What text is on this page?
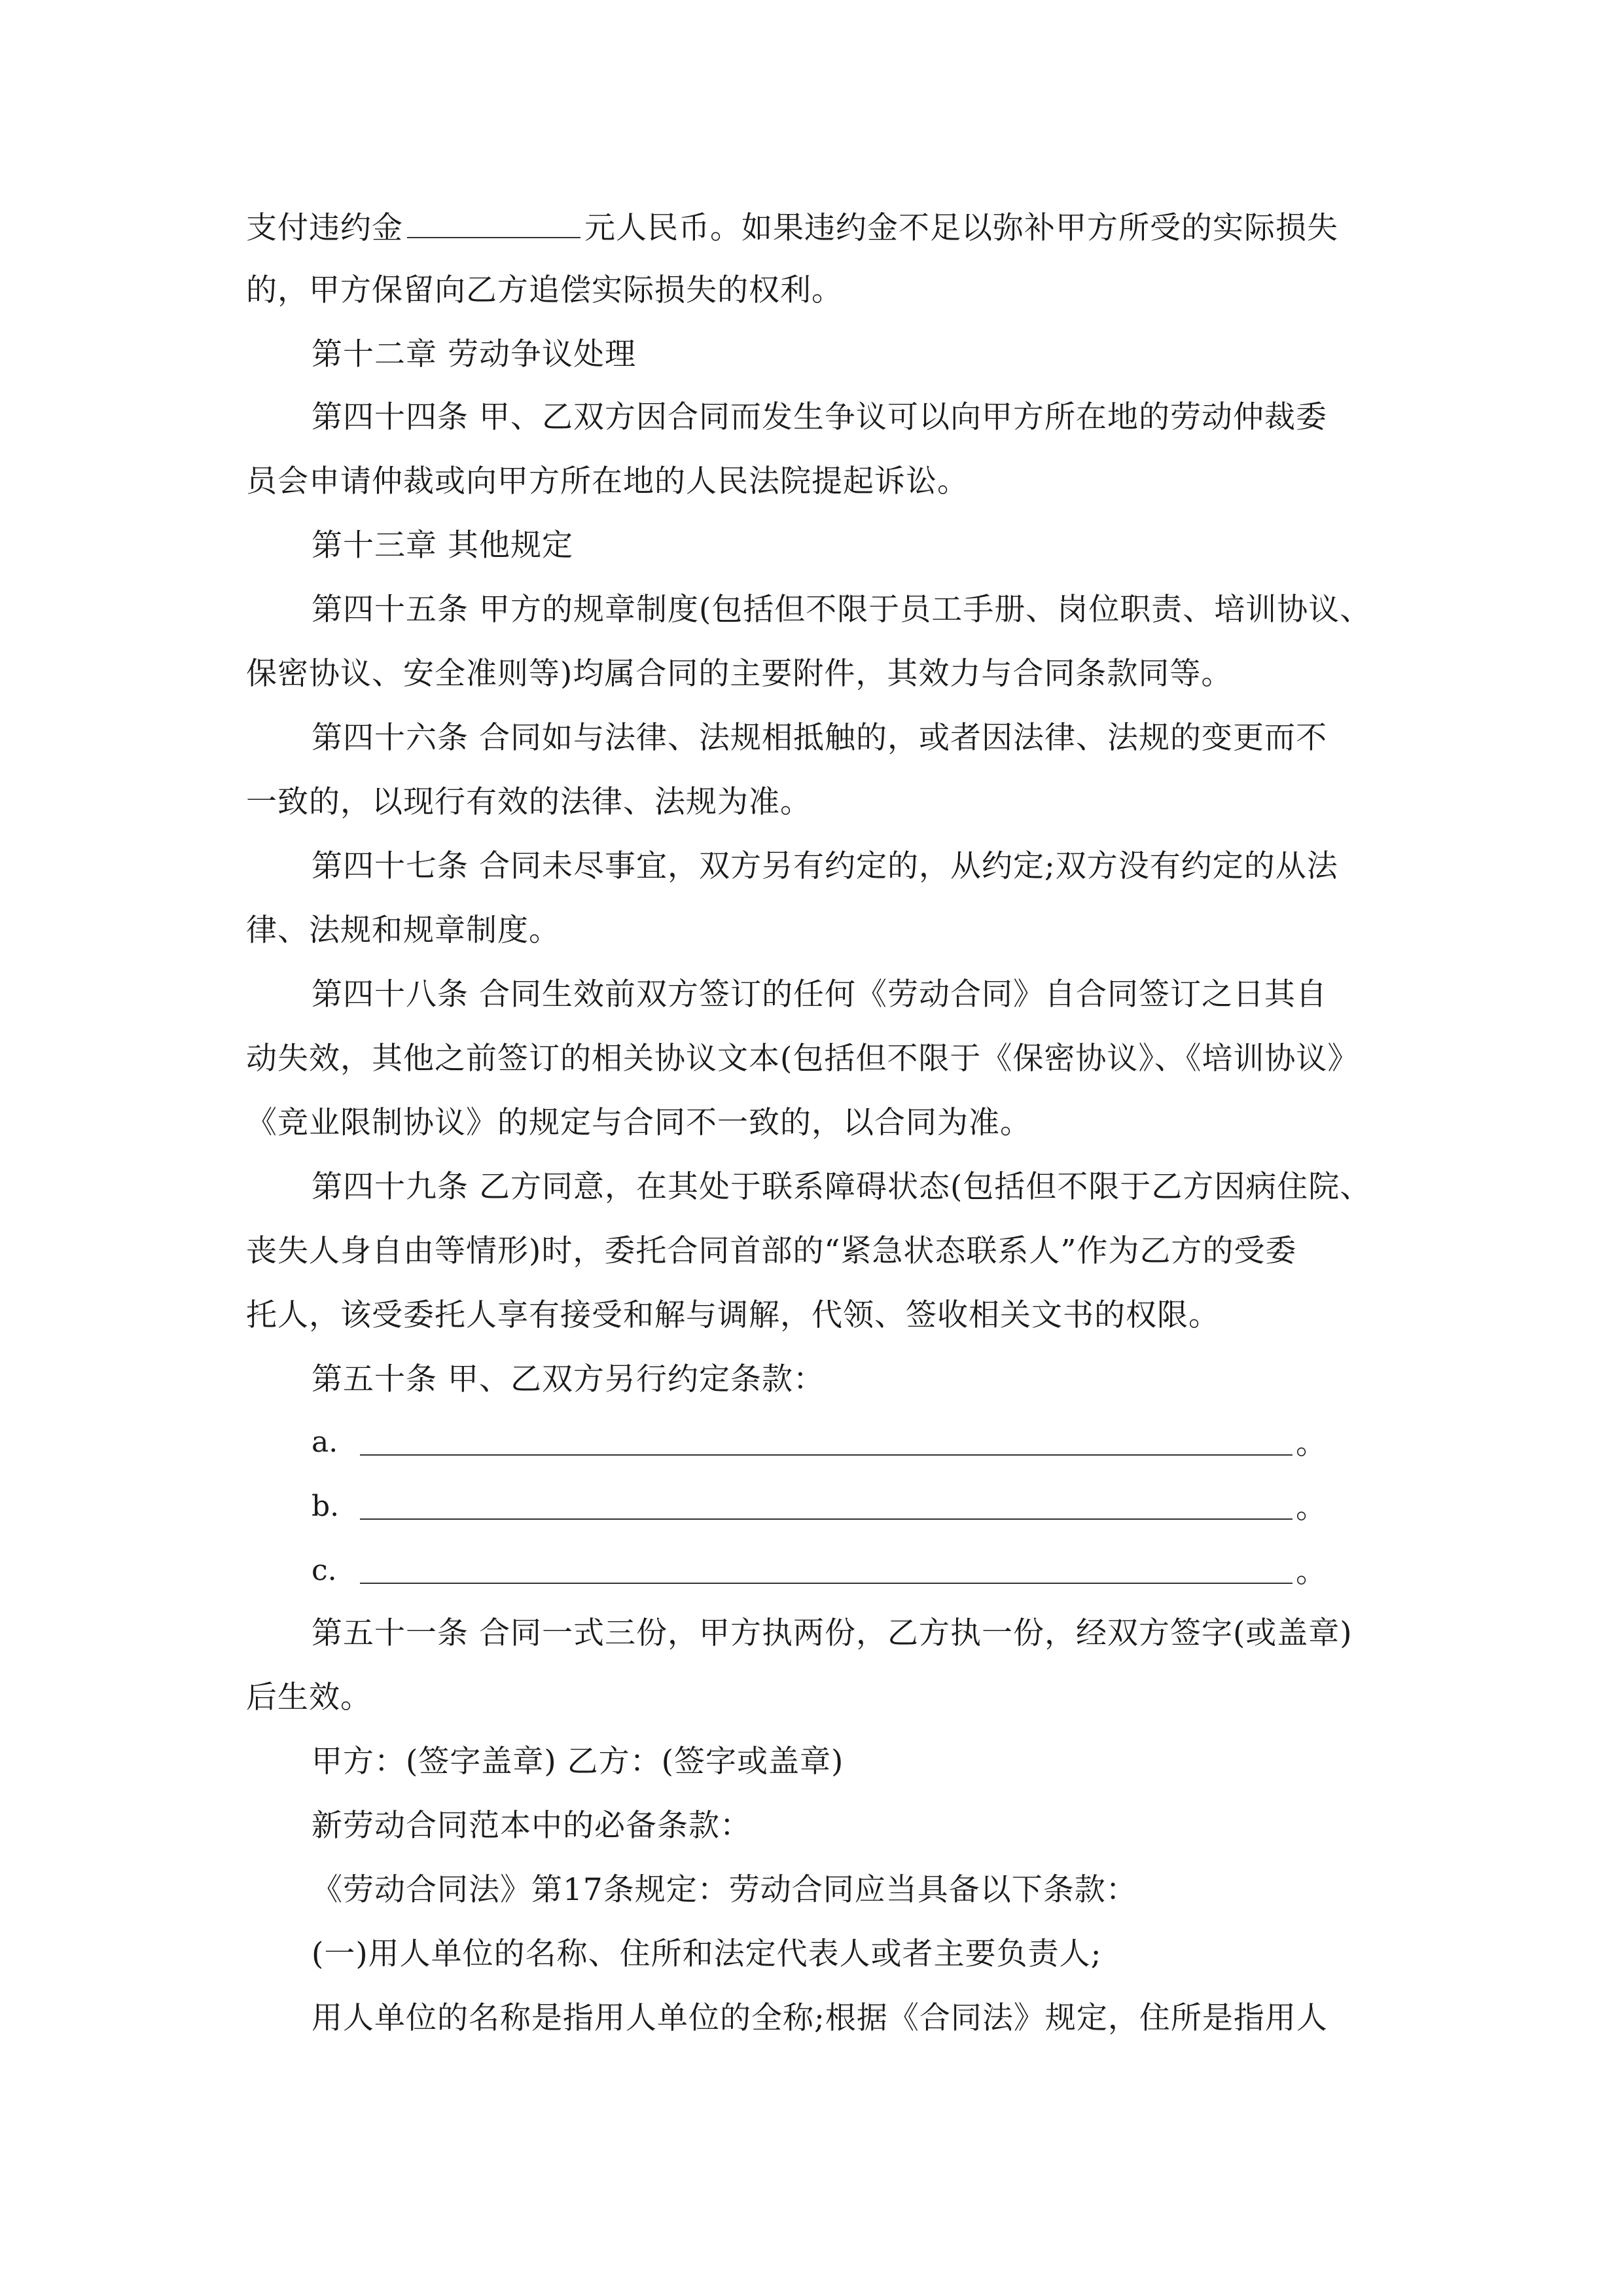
支付违约金	元人民币。如果违约金不足以弥补甲方所受的实际损失
的，甲方保留向乙方追偿实际损失的权利。
第十二章 劳动争议处理
第四十四条 甲、乙双方因合同而发生争议可以向甲方所在地的劳动仲裁委
员会申请仲裁或向甲方所在地的人民法院提起诉讼。
第十三章 其他规定
第四十五条 甲方的规章制度(包括但不限于员工手册、岗位职责、培训协议、
保密协议、安全准则等)均属合同的主要附件，其效力与合同条款同等。
第四十六条 合同如与法律、法规相抵触的，或者因法律、法规的变更而不
一致的，以现行有效的法律、法规为准。
第四十七条 合同未尽事宜，双方另有约定的，从约定;双方没有约定的从法
律、法规和规章制度。
第四十八条 合同生效前双方签订的任何《劳动合同》自合同签订之日其自
动失效，其他之前签订的相关协议文本(包括但不限于《保密协议》、《培训协议》
《竞业限制协议》的规定与合同不一致的，以合同为准。
第四十九条 乙方同意，在其处于联系障碍状态(包括但不限于乙方因病住院、
丧失人身自由等情形)时，委托合同首部的“紧急状态联系人”作为乙方的受委
托人，该受委托人享有接受和解与调解，代领、签收相关文书的权限。
第五十条 甲、乙双方另行约定条款：
a.	。
b.	。
c.	。
第五十一条 合同一式三份，甲方执两份，乙方执一份，经双方签字(或盖章)
后生效。
甲方：(签字盖章) 乙方：(签字或盖章)
新劳动合同范本中的必备条款：
《劳动合同法》第17条规定：劳动合同应当具备以下条款：
(一)用人单位的名称、住所和法定代表人或者主要负责人;
用人单位的名称是指用人单位的全称;根据《合同法》规定，住所是指用人
